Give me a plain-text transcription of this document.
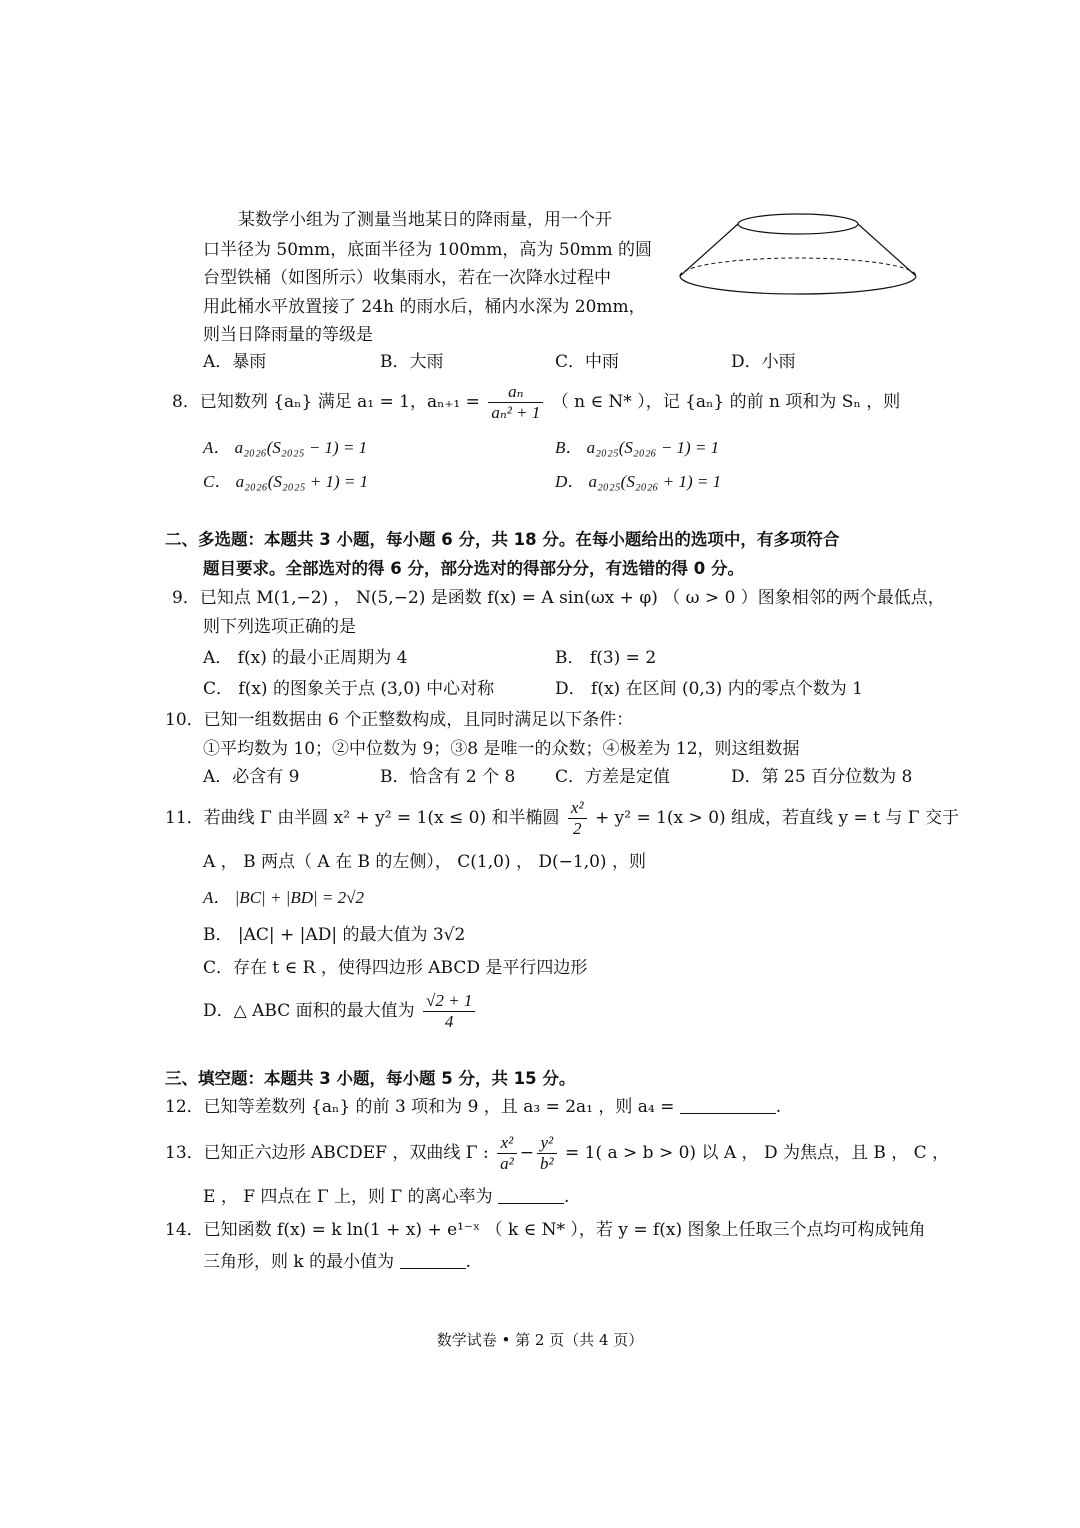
某数学小组为了测量当地某日的降雨量，用一个开
口半径为 50mm，底面半径为 100mm，高为 50mm 的圆
台型铁桶（如图所示）收集雨水，若在一次降水过程中
用此桶水平放置接了 24h 的雨水后，桶内水深为 20mm，
则当日降雨量的等级是
A．暴雨	B．大雨	C．中雨	D．小雨
8．已知数列 {aₙ} 满足 a₁ = 1，$a_{n+1} = \frac{\text{aₙ}}{\text{aₙ² + 1}}$ （ n ∈ N* ），记 {aₙ} 的前 n 项和为 Sₙ ，则
A． a₂₀₂₆(S₂₀₂₅ − 1) = 1	B． a₂₀₂₅(S₂₀₂₆ − 1) = 1
C． a₂₀₂₆(S₂₀₂₅ + 1) = 1	D． a₂₀₂₅(S₂₀₂₆ + 1) = 1
二、多选题：本题共 3 小题，每小题 6 分，共 18 分。在每小题给出的选项中，有多项符合
题目要求。全部选对的得 6 分，部分选对的得部分分，有选错的得 0 分。
9．已知点 M(1,−2) ， N(5,−2) 是函数 f(x) = A sin(ωx + φ) （ ω > 0 ）图象相邻的两个最低点，
则下列选项正确的是
A． f(x) 的最小正周期为 4	B． f(3) = 2
C． f(x) 的图象关于点 (3,0) 中心对称	D． f(x) 在区间 (0,3) 内的零点个数为 1
10．已知一组数据由 6 个正整数构成，且同时满足以下条件：
①平均数为 10；②中位数为 9；③8 是唯一的众数；④极差为 12，则这组数据
A．必含有 9	B．恰含有 2 个 8 C．方差是定值	D．第 25 百分位数为 8
11．若曲线 Γ 由半圆 x² + y² = 1(x ≤ 0) 和半椭圆 $\frac{\text{x²}}{2} + y^2 = 1(x > 0)$ 组成，若直线 y = t 与 Γ 交于
A ， B 两点（ A 在 B 的左侧）， C(1,0) ， D(−1,0) ，则
A． |BC| + |BD| = 2√2
B． |AC| + |AD| 的最大值为 3√2
C．存在 t ∈ R ，使得四边形 ABCD 是平行四边形
D．△ ABC 面积的最大值为 $\frac{√2 + 1}{4}$
三、填空题：本题共 3 小题，每小题 5 分，共 15 分。
12．已知等差数列 {aₙ} 的前 3 项和为 9 ，且 a₃ = 2a₁ ，则 a₄ =	.
13．已知正六边形 ABCDEF ，双曲线 Γ : $\frac{\text{x²}}{\text{a²}} - \frac{\text{y²}}{\text{b²}} = 1$( a > b > 0) 以 A ， D 为焦点，且 B ， C ，
E ， F 四点在 Γ 上，则 Γ 的离心率为	.
14．已知函数 f(x) = k ln(1 + x) + e¹⁻ˣ （ k ∈ N* ），若 y = f(x) 图象上任取三个点均可构成钝角
三角形，则 k 的最小值为	.
数学试卷 • 第 2 页（共 4 页）
